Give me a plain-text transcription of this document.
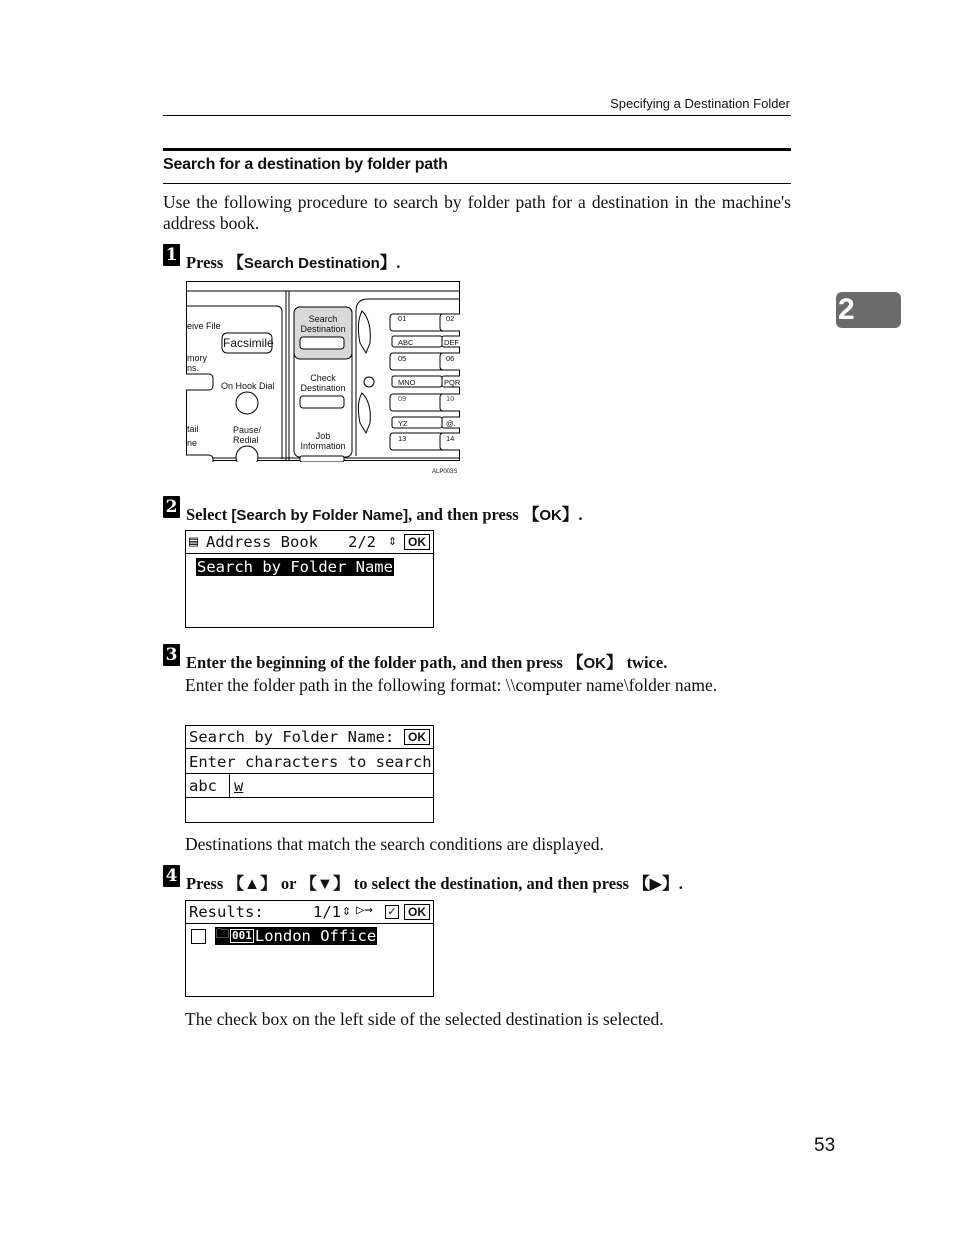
Specifying a Destination Folder
Search for a destination by folder path
Use the following procedure to search by folder path for a destination in the machine's address book.
2
1 Press 【Search Destination】.
eive File
Facsimile
mory
ns.
On Hook Dial
tail
ne
Pause/
Redial
Search
Destination
Check
Destination
Job
Information
01	02
ABC	DEF
05	06
MNO	PQR
09	10
YZ	@.
13	14
ALP003S
2 Select [Search by Folder Name], and then press 【OK】.
▤ Address Book 2/2 ⇕ OK
Search by Folder Name
3 Enter the beginning of the folder path, and then press 【OK】 twice.
Enter the folder path in the following format: \\computer name\folder name.
Search by Folder Name:	OK
Enter characters to search
abc w
Destinations that match the search conditions are displayed.
4 Press 【▲】 or 【▼】 to select the destination, and then press 【▶】.
Results:	1/1 ⇕ ▷→ ✓ OK
🗀 001 London Office
The check box on the left side of the selected destination is selected.
53
